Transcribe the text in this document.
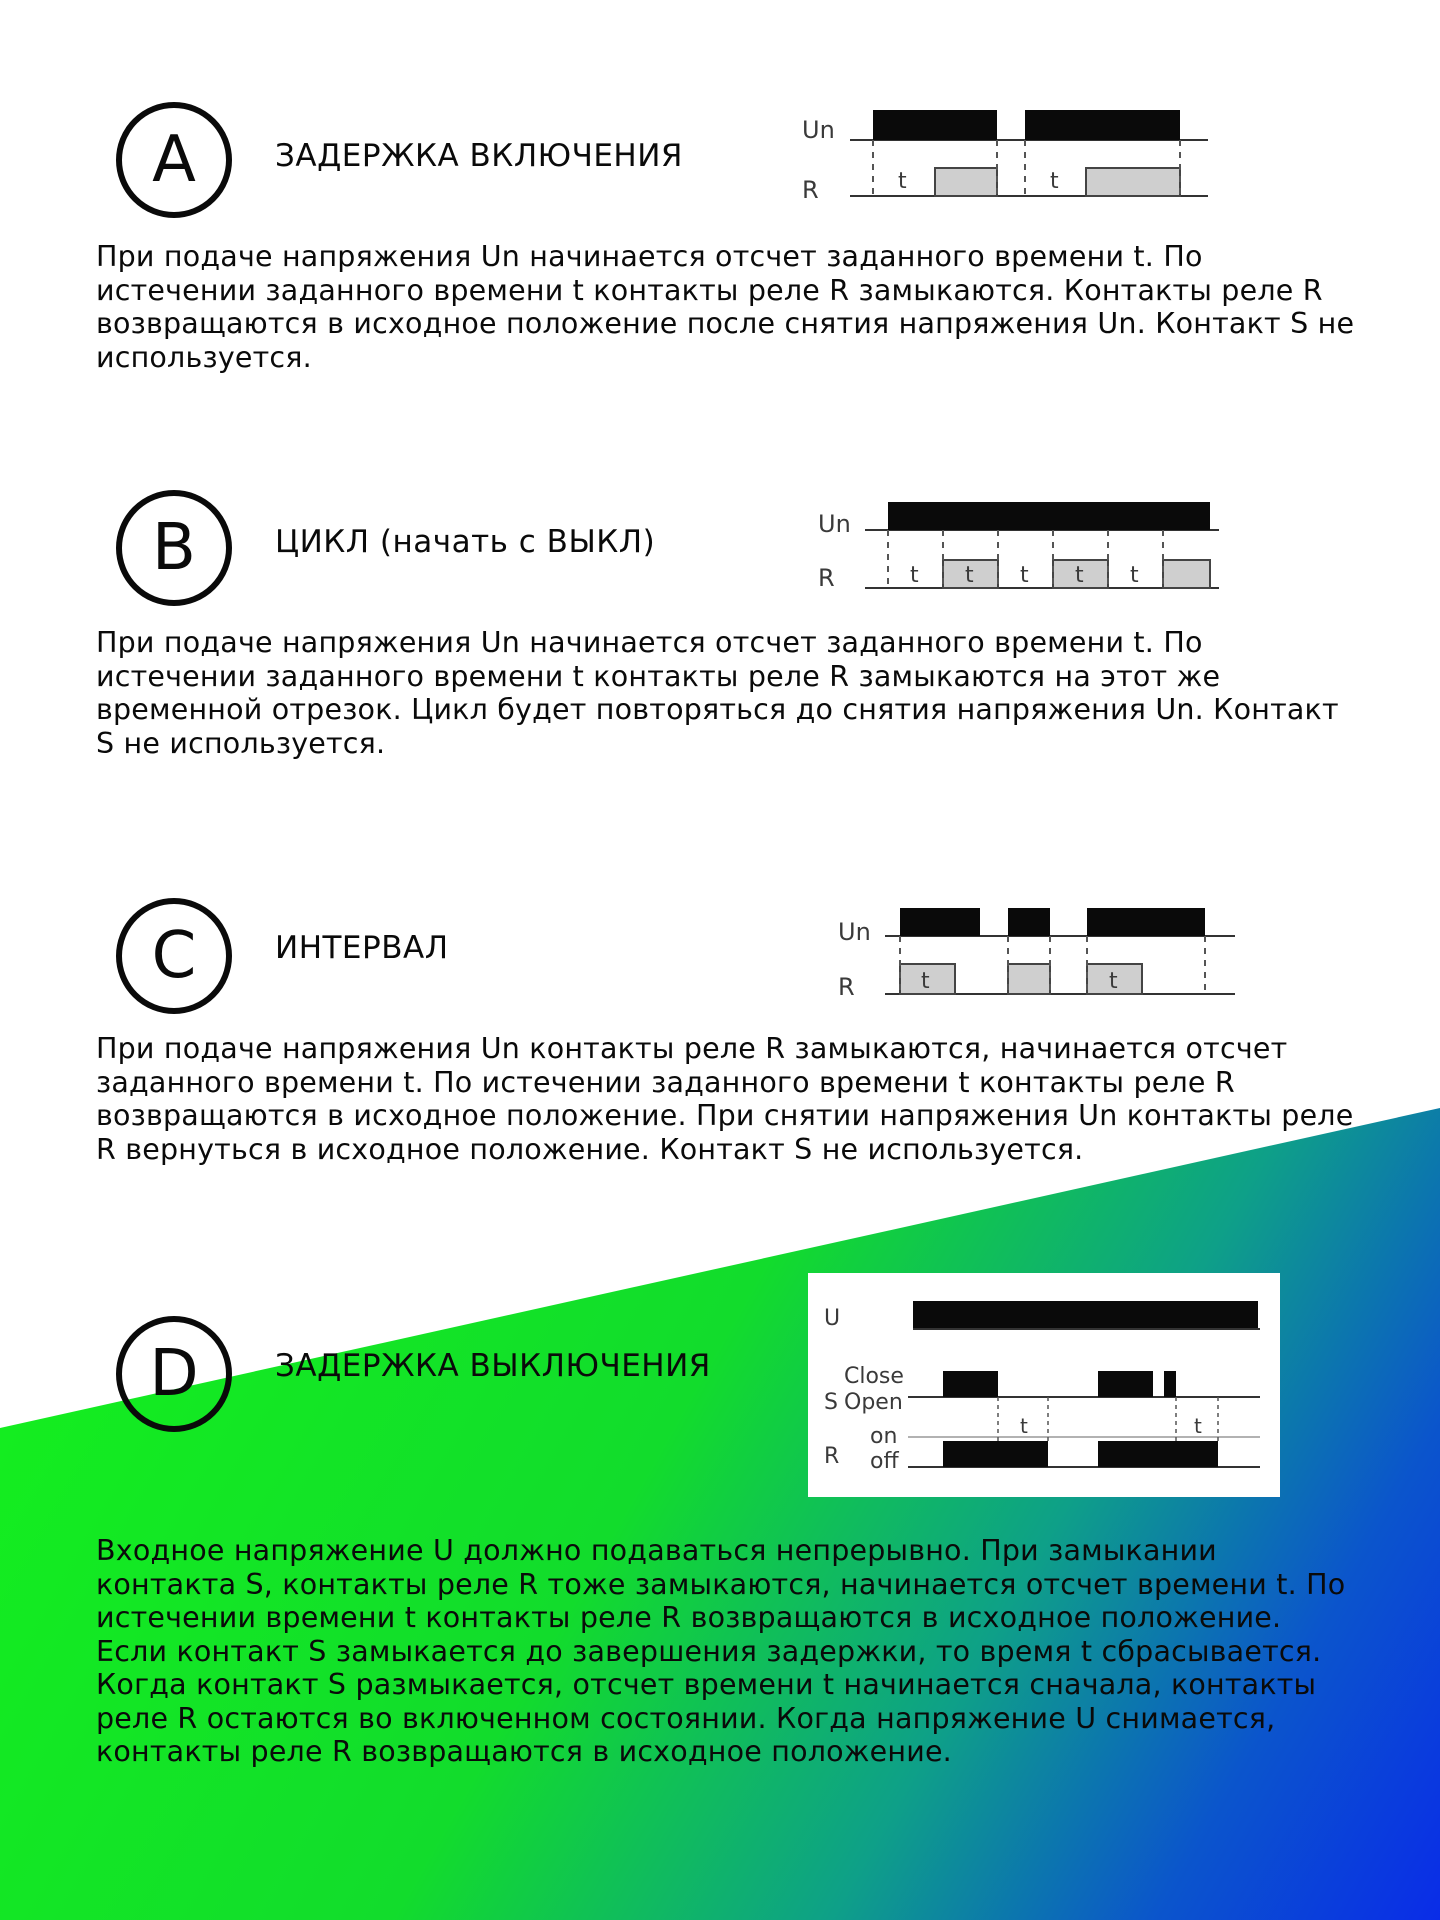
A	ЗАДЕРЖКА ВКЛЮЧЕНИЯ
Un
R	t	t

При подаче напряжения Un начинается отсчет заданного времени t. По истечении заданного времени t контакты реле R замыкаются. Контакты реле R возвращаются в исходное положение после снятия напряжения Un. Контакт S не используется.

B	ЦИКЛ (начать с ВЫКЛ)	Un
R	t t t t t

При подаче напряжения Un начинается отсчет заданного времени t. По истечении заданного времени t контакты реле R замыкаются на этот же временной отрезок. Цикл будет повторяться до снятия напряжения Un. Контакт S не используется.

C	ИНТЕРВАЛ	Un
R	t	t

При подаче напряжения Un контакты реле R замыкаются, начинается отсчет заданного времени t. По истечении заданного времени t контакты реле R возвращаются в исходное положение. При снятии напряжения Un контакты реле R вернуться в исходное положение. Контакт S не используется.

D	ЗАДЕРЖКА ВЫКЛЮЧЕНИЯ
U
Close
S Open
on
R off
t	t

Входное напряжение U должно подаваться непрерывно. При замыкании контакта S, контакты реле R тоже замыкаются, начинается отсчет времени t. По истечении времени t контакты реле R возвращаются в исходное положение. Если контакт S замыкается до завершения задержки, то время t сбрасывается. Когда контакт S размыкается, отсчет времени t начинается сначала, контакты реле R остаются во включенном состоянии. Когда напряжение U снимается, контакты реле R возвращаются в исходное положение.
